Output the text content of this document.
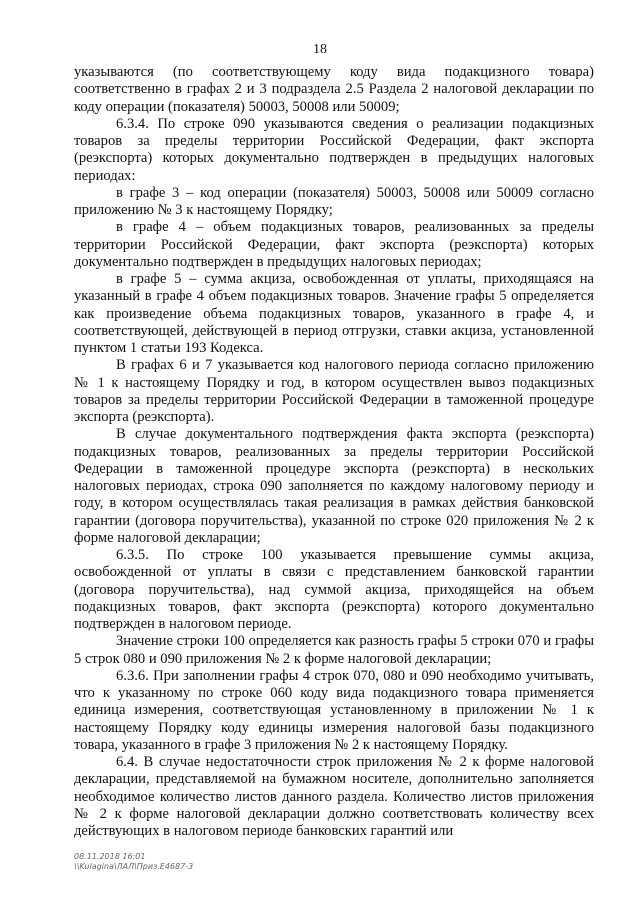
18

указываются (по соответствующему коду вида подакцизного товара) соответственно в графах 2 и 3 подраздела 2.5 Раздела 2 налоговой декларации по коду операции (показателя) 50003, 50008 или 50009;

6.3.4. По строке 090 указываются сведения о реализации подакцизных товаров за пределы территории Российской Федерации, факт экспорта (реэкспорта) которых документально подтвержден в предыдущих налоговых периодах:

в графе 3 – код операции (показателя) 50003, 50008 или 50009 согласно приложению № 3 к настоящему Порядку;

в графе 4 – объем подакцизных товаров, реализованных за пределы территории Российской Федерации, факт экспорта (реэкспорта) которых документально подтвержден в предыдущих налоговых периодах;

в графе 5 – сумма акциза, освобожденная от уплаты, приходящаяся на указанный в графе 4 объем подакцизных товаров. Значение графы 5 определяется как произведение объема подакцизных товаров, указанного в графе 4, и соответствующей, действующей в период отгрузки, ставки акциза, установленной пунктом 1 статьи 193 Кодекса.

В графах 6 и 7 указывается код налогового периода согласно приложению № 1 к настоящему Порядку и год, в котором осуществлен вывоз подакцизных товаров за пределы территории Российской Федерации в таможенной процедуре экспорта (реэкспорта).

В случае документального подтверждения факта экспорта (реэкспорта) подакцизных товаров, реализованных за пределы территории Российской Федерации в таможенной процедуре экспорта (реэкспорта) в нескольких налоговых периодах, строка 090 заполняется по каждому налоговому периоду и году, в котором осуществлялась такая реализация в рамках действия банковской гарантии (договора поручительства), указанной по строке 020 приложения № 2 к форме налоговой декларации;

6.3.5. По строке 100 указывается превышение суммы акциза, освобожденной от уплаты в связи с представлением банковской гарантии (договора поручительства), над суммой акциза, приходящейся на объем подакцизных товаров, факт экспорта (реэкспорта) которого документально подтвержден в налоговом периоде.

Значение строки 100 определяется как разность графы 5 строки 070 и графы 5 строк 080 и 090 приложения № 2 к форме налоговой декларации;

6.3.6. При заполнении графы 4 строк 070, 080 и 090 необходимо учитывать, что к указанному по строке 060 коду вида подакцизного товара применяется единица измерения, соответствующая установленному в приложении № 1 к настоящему Порядку коду единицы измерения налоговой базы подакцизного товара, указанного в графе 3 приложения № 2 к настоящему Порядку.

6.4. В случае недостаточности строк приложения № 2 к форме налоговой декларации, представляемой на бумажном носителе, дополнительно заполняется необходимое количество листов данного раздела. Количество листов приложения № 2 к форме налоговой декларации должно соответствовать количеству всех действующих в налоговом периоде банковских гарантий или

08.11.2018 16:01
\\Kulagina\ЛАЛ\Приз.Е4687-3
